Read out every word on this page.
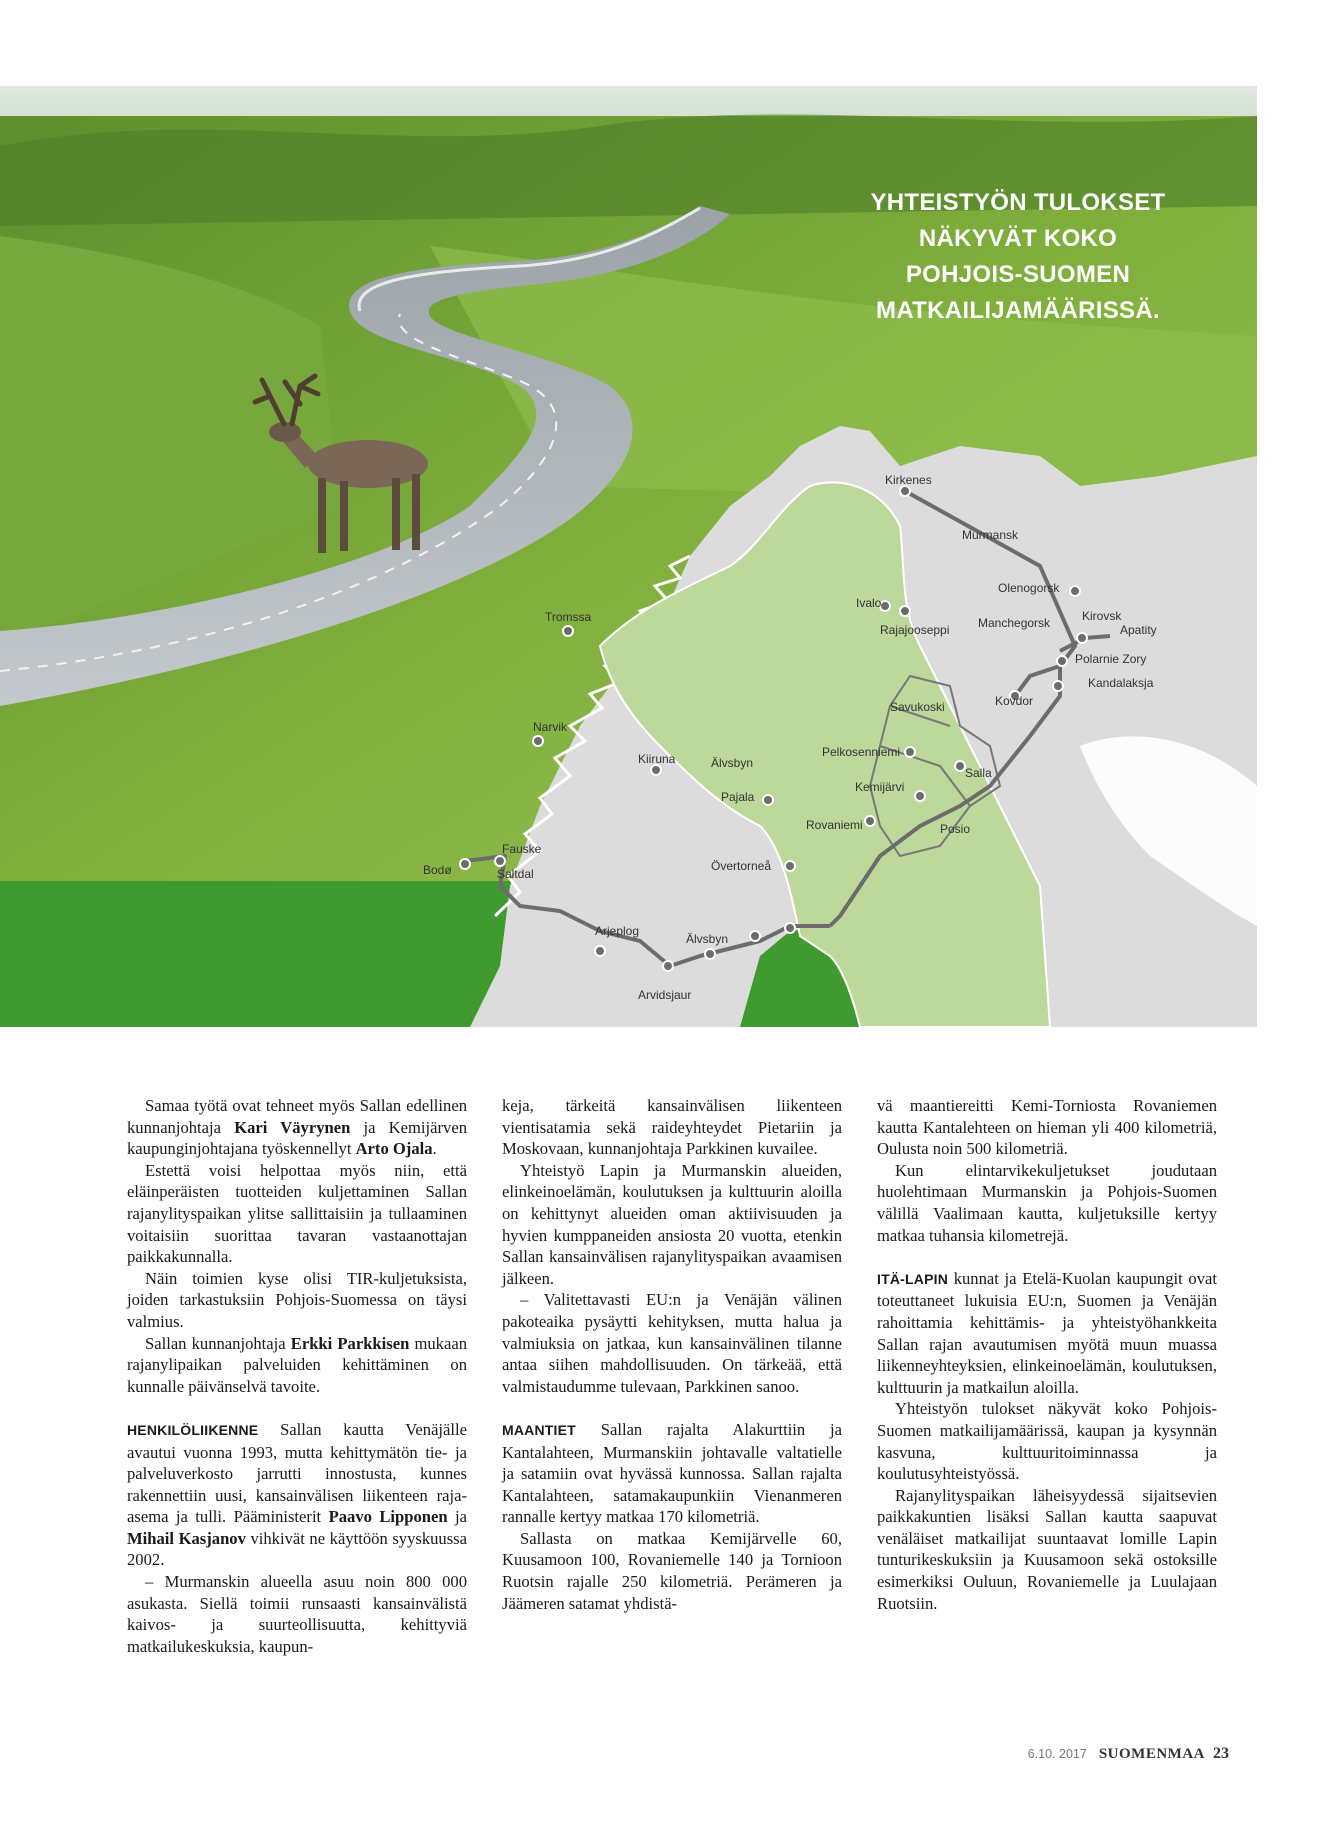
Kirkenes
Murmansk
Olenogorsk
Manchegorsk	Kirovsk
Apatity
Polarnie Zory
Kandalaksja
Kovdor
Ivalo
Rajajooseppi
Tromssa
Savukoski
Pelkosenniemi
Salla
Kemijärvi
Narvik
Kiiruna	Älvsbyn
Pajala
Rovaniemi	Posio
Fauske
Bodø	Saltdal
Övertorneå
Arjeplog
Älvsbyn
Arvidsjaur
YHTEISTYÖN TULOKSET
NÄKYVÄT KOKO
POHJOIS-SUOMEN
MATKAILIJAMÄÄRISSÄ.

Samaa työtä ovat tehneet myös Sallan edellinen kunnanjohtaja Kari Väyrynen ja Kemijärven kaupunginjohtajana työskennellyt Arto Ojala.

Estettä voisi helpottaa myös niin, että eläinperäisten tuotteiden kuljettaminen Sallan rajanylityspaikan ylitse sallittaisiin ja tullaaminen voitaisiin suorittaa tavaran vastaanottajan paikkakunnalla.

Näin toimien kyse olisi TIR-kuljetuksista, joiden tarkastuksiin Pohjois-Suomessa on täysi valmius.

Sallan kunnanjohtaja Erkki Parkkisen mukaan rajanylipaikan palveluiden kehittäminen on kunnalle päivänselvä tavoite.

HENKILÖLIIKENNE Sallan kautta Venäjälle avautui vuonna 1993, mutta kehittymätön tie- ja palveluverkosto jarrutti innostusta, kunnes rakennettiin uusi, kansainvälisen liikenteen raja-asema ja tulli. Pääministerit Paavo Lipponen ja Mihail Kasjanov vihkivät ne käyttöön syyskuussa 2002.

– Murmanskin alueella asuu noin 800 000 asukasta. Siellä toimii runsaasti kansainvälistä kaivos- ja suurteollisuutta, kehittyviä matkailukeskuksia, kaupun-

keja, tärkeitä kansainvälisen liikenteen vientisatamia sekä raideyhteydet Pietariin ja Moskovaan, kunnanjohtaja Parkkinen kuvailee.

Yhteistyö Lapin ja Murmanskin alueiden, elinkeinoelämän, koulutuksen ja kulttuurin aloilla on kehittynyt alueiden oman aktiivisuuden ja hyvien kumppaneiden ansiosta 20 vuotta, etenkin Sallan kansainvälisen rajanylityspaikan avaamisen jälkeen.

– Valitettavasti EU:n ja Venäjän välinen pakoteaika pysäytti kehityksen, mutta halua ja valmiuksia on jatkaa, kun kansainvälinen tilanne antaa siihen mahdollisuuden. On tärkeää, että valmistaudumme tulevaan, Parkkinen sanoo.

MAANTIET Sallan rajalta Alakurttiin ja Kantalahteen, Murmanskiin johtavalle valtatielle ja satamiin ovat hyvässä kunnossa. Sallan rajalta Kantalahteen, satamakaupunkiin Vienanmeren rannalle kertyy matkaa 170 kilometriä.

Sallasta on matkaa Kemijärvelle 60, Kuusamoon 100, Rovaniemelle 140 ja Tornioon Ruotsin rajalle 250 kilometriä. Perämeren ja Jäämeren satamat yhdistä-

vä maantiereitti Kemi-Torniosta Rovaniemen kautta Kantalehteen on hieman yli 400 kilometriä, Oulusta noin 500 kilometriä.

Kun elintarvikekuljetukset joudutaan huolehtimaan Murmanskin ja Pohjois-Suomen välillä Vaalimaan kautta, kuljetuksille kertyy matkaa tuhansia kilometrejä.

ITÄ-LAPIN kunnat ja Etelä-Kuolan kaupungit ovat toteuttaneet lukuisia EU:n, Suomen ja Venäjän rahoittamia kehittämis- ja yhteistyöhankkeita Sallan rajan avautumisen myötä muun muassa liikenneyhteyksien, elinkeinoelämän, koulutuksen, kulttuurin ja matkailun aloilla.

Yhteistyön tulokset näkyvät koko Pohjois-Suomen matkailijamäärissä, kaupan ja kysynnän kasvuna, kulttuuritoiminnassa ja koulutusyhteistyössä.

Rajanylityspaikan läheisyydessä sijaitsevien paikkakuntien lisäksi Sallan kautta saapuvat venäläiset matkailijat suuntaavat lomille Lapin tunturikeskuksiin ja Kuusamoon sekä ostoksille esimerkiksi Ouluun, Rovaniemelle ja Luulajaan Ruotsiin.

6.10. 2017 SUOMENMAA 23
